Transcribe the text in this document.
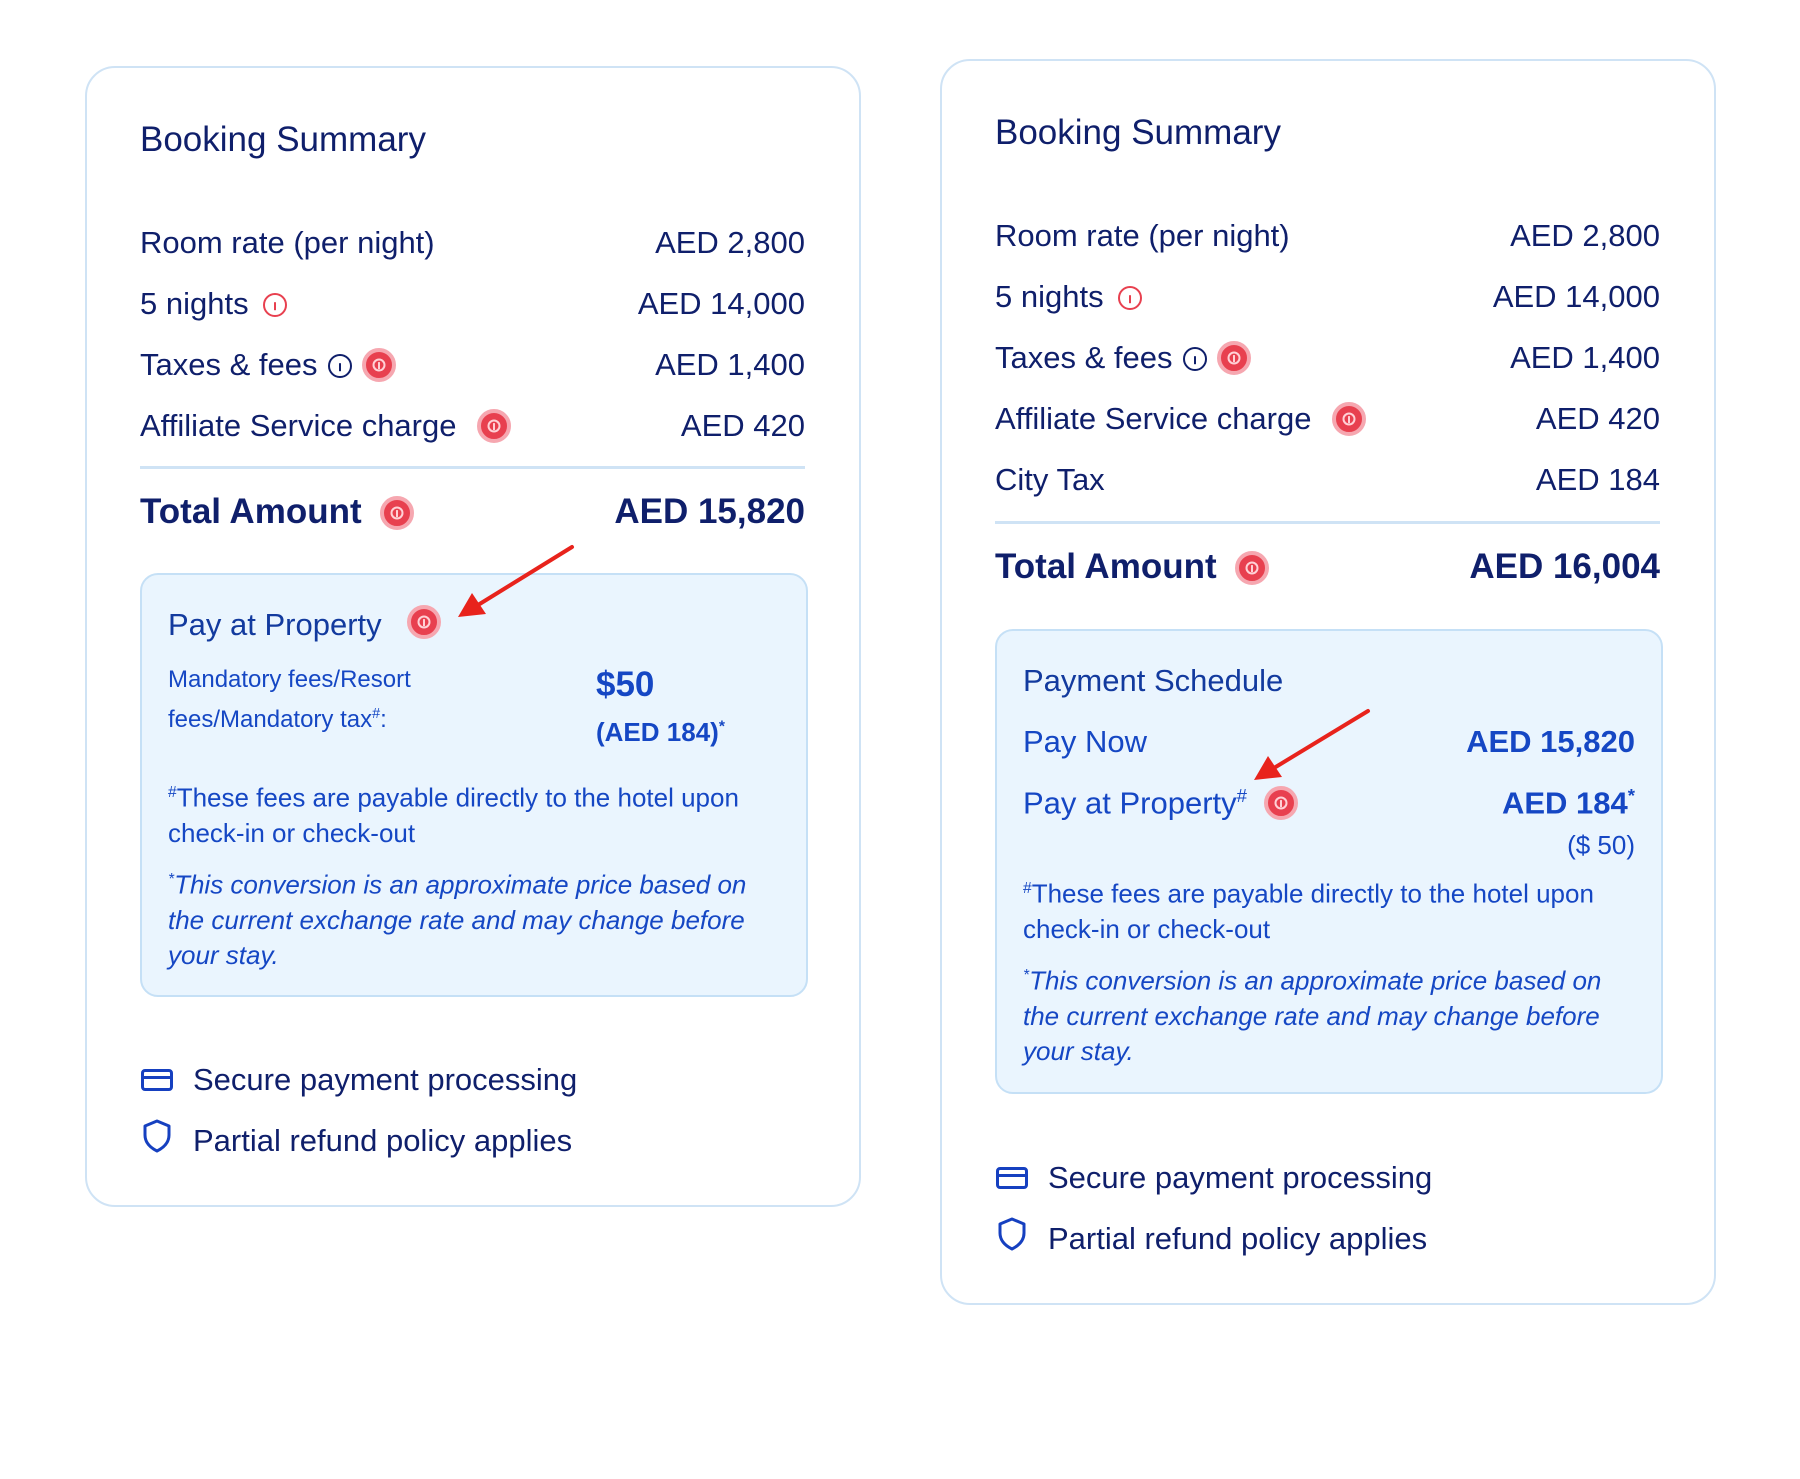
Booking Summary
Room rate (per night)	AED 2,800
5 nights	AED 14,000
Taxes & fees	AED 1,400
Affiliate Service charge	AED 420
Total Amount	AED 15,820
Pay at Property
Mandatory fees/Resort
fees/Mandatory tax#:
$50
(AED 184)*
#These fees are payable directly to the hotel upon check-in or check-out
*This conversion is an approximate price based on the current exchange rate and may change before your stay.
Secure payment processing
Partial refund policy applies
Booking Summary
Room rate (per night)	AED 2,800
5 nights	AED 14,000
Taxes & fees	AED 1,400
Affiliate Service charge	AED 420
City Tax	AED 184
Total Amount	AED 16,004
Payment Schedule
Pay Now	AED 15,820
Pay at Property#	AED 184*
($ 50)
#These fees are payable directly to the hotel upon check-in or check-out
*This conversion is an approximate price based on the current exchange rate and may change before your stay.
Secure payment processing
Partial refund policy applies
